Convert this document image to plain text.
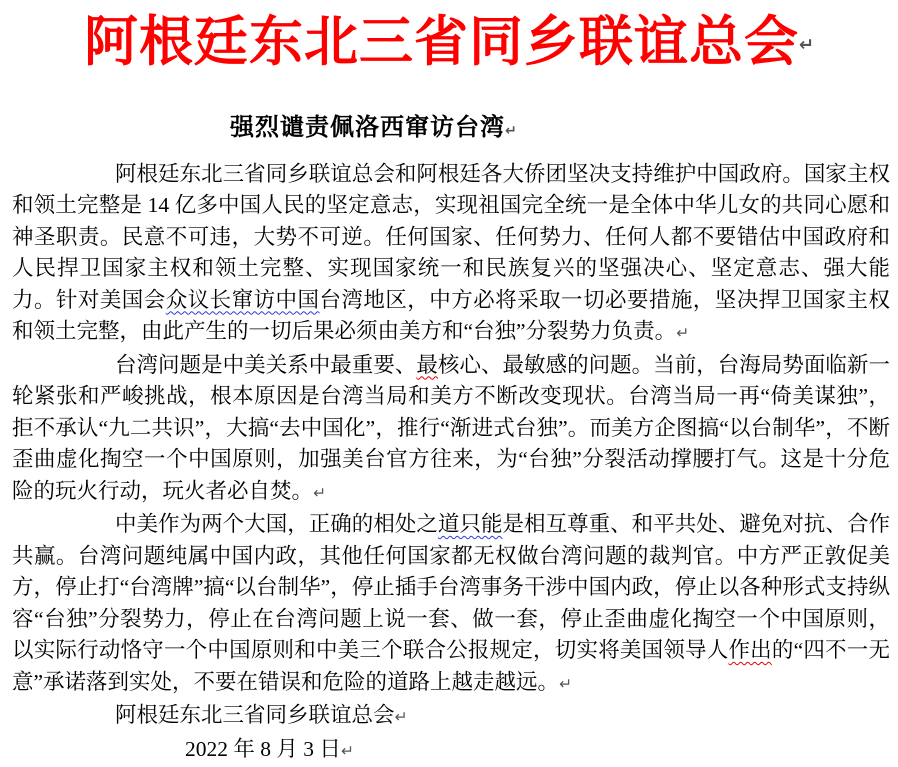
阿根廷东北三省同乡联谊总会↵
强烈谴责佩洛西窜访台湾↵

阿根廷东北三省同乡联谊总会和阿根廷各大侨团坚决支持维护中国政府。国家主权和领土完整是 14 亿多中国人民的坚定意志，实现祖国完全统一是全体中华儿女的共同心愿和神圣职责。民意不可违，大势不可逆。任何国家、任何势力、任何人都不要错估中国政府和人民捍卫国家主权和领土完整、实现国家统一和民族复兴的坚强决心、坚定意志、强大能力。针对美国会众议长窜访中国台湾地区，中方必将采取一切必要措施，坚决捍卫国家主权和领土完整，由此产生的一切后果必须由美方和“台独”分裂势力负责。↵

台湾问题是中美关系中最重要、最核心、最敏感的问题。当前，台海局势面临新一轮紧张和严峻挑战，根本原因是台湾当局和美方不断改变现状。台湾当局一再“倚美谋独”，拒不承认“九二共识”，大搞“去中国化”，推行“渐进式台独”。而美方企图搞“以台制华”，不断歪曲虚化掏空一个中国原则，加强美台官方往来，为“台独”分裂活动撑腰打气。这是十分危险的玩火行动，玩火者必自焚。↵

中美作为两个大国，正确的相处之道只能是相互尊重、和平共处、避免对抗、合作共赢。台湾问题纯属中国内政，其他任何国家都无权做台湾问题的裁判官。中方严正敦促美方，停止打“台湾牌”搞“以台制华”，停止插手台湾事务干涉中国内政，停止以各种形式支持纵容“台独”分裂势力，停止在台湾问题上说一套、做一套，停止歪曲虚化掏空一个中国原则，以实际行动恪守一个中国原则和中美三个联合公报规定，切实将美国领导人作出的“四不一无意”承诺落到实处，不要在错误和危险的道路上越走越远。↵

阿根廷东北三省同乡联谊总会↵

2022 年 8 月 3 日↵
